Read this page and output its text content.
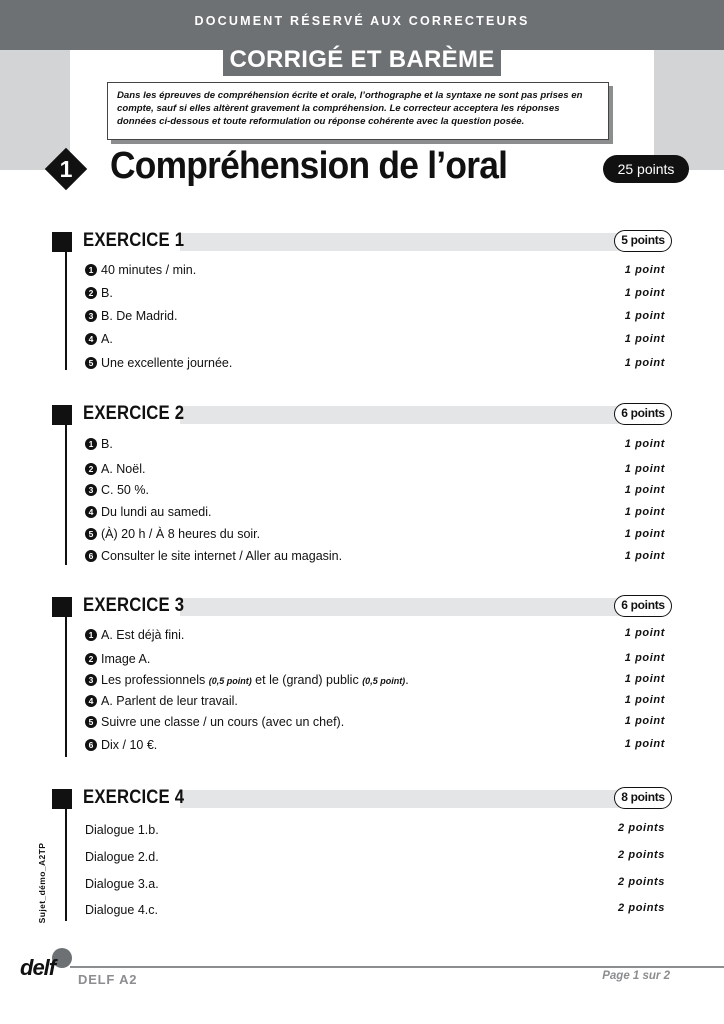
DOCUMENT RÉSERVÉ AUX CORRECTEURS
CORRIGÉ ET BARÈME
Dans les épreuves de compréhension écrite et orale, l’orthographe et la syntaxe ne sont pas prises en compte, sauf si elles altèrent gravement la compréhension. Le correcteur acceptera les réponses données ci-dessous et toute reformulation ou réponse cohérente avec la question posée.
1 Compréhension de l’oral	25 points
EXERCICE 1	5 points
1 40 minutes / min.	1 point
2 B.	1 point
3 B. De Madrid.	1 point
4 A.	1 point
5 Une excellente journée.	1 point
EXERCICE 2	6 points
1 B.	1 point
2 A. Noël.	1 point
3 C. 50 %.	1 point
4 Du lundi au samedi.	1 point
5 (À) 20 h / À 8 heures du soir.	1 point
6 Consulter le site internet / Aller au magasin.	1 point
EXERCICE 3	6 points
1 A. Est déjà fini.	1 point
2 Image A.	1 point
3 Les professionnels (0,5 point) et le (grand) public (0,5 point).	1 point
4 A. Parlent de leur travail.	1 point
5 Suivre une classe / un cours (avec un chef).	1 point
6 Dix / 10 €.	1 point
EXERCICE 4	8 points
Dialogue 1.b.	2 points
Dialogue 2.d.	2 points
Dialogue 3.a.	2 points
Dialogue 4.c.	2 points
Sujet_démo_A2TP
delf DELF A2	Page 1 sur 2
